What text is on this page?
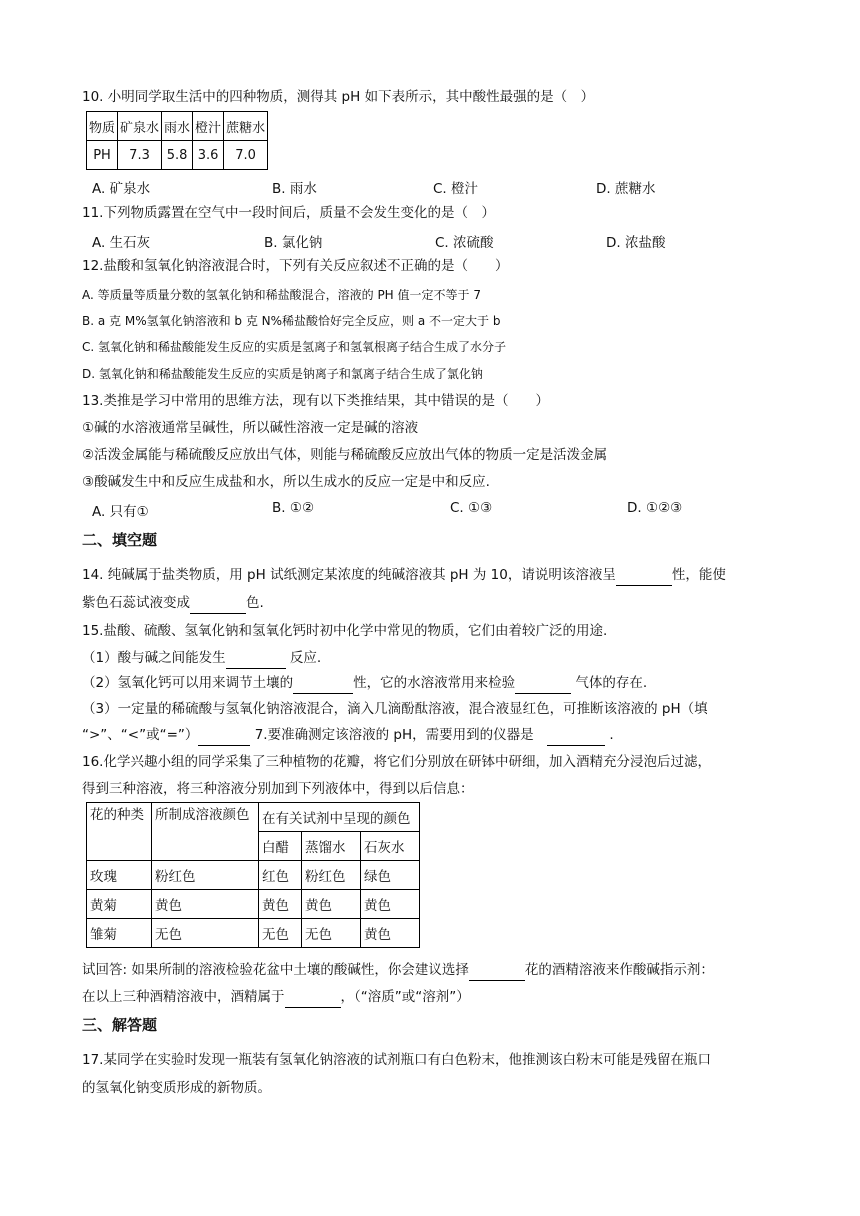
10. 小明同学取生活中的四种物质，测得其 pH 如下表所示，其中酸性最强的是（　）
物质	矿泉水	雨水	橙汁	蔗糖水
PH	7.3	5.8	3.6	7.0
A. 矿泉水	B. 雨水	C. 橙汁	D. 蔗糖水
11.下列物质露置在空气中一段时间后，质量不会发生变化的是（　）
A. 生石灰	B. 氯化钠	C. 浓硫酸	D. 浓盐酸
12.盐酸和氢氧化钠溶液混合时，下列有关反应叙述不正确的是（　　）
A. 等质量等质量分数的氢氧化钠和稀盐酸混合，溶液的 PH 值一定不等于 7
B. a 克 M%氢氧化钠溶液和 b 克 N%稀盐酸恰好完全反应，则 a 不一定大于 b
C. 氢氧化钠和稀盐酸能发生反应的实质是氢离子和氢氧根离子结合生成了水分子
D. 氢氧化钠和稀盐酸能发生反应的实质是钠离子和氯离子结合生成了氯化钠
13.类推是学习中常用的思维方法，现有以下类推结果，其中错误的是（　　）
①碱的水溶液通常呈碱性，所以碱性溶液一定是碱的溶液
②活泼金属能与稀硫酸反应放出气体，则能与稀硫酸反应放出气体的物质一定是活泼金属
③酸碱发生中和反应生成盐和水，所以生成水的反应一定是中和反应.
A. 只有①	B. ①②	C. ①③	D. ①②③
二、填空题
14. 纯碱属于盐类物质，用 pH 试纸测定某浓度的纯碱溶液其 pH 为 10，请说明该溶液呈	性，能使
紫色石蕊试液变成	色.
15.盐酸、硫酸、氢氧化钠和氢氧化钙时初中化学中常见的物质，它们由着较广泛的用途.
（1）酸与碱之间能发生	反应.
（2）氢氧化钙可以用来调节土壤的	性，它的水溶液常用来检验	气体的存在.
（3）一定量的稀硫酸与氢氧化钠溶液混合，滴入几滴酚酞溶液，混合液显红色，可推断该溶液的 pH（填
“>”、“<”或“=”）	7.要准确测定该溶液的 pH，需要用到的仪器是　	.
16.化学兴趣小组的同学采集了三种植物的花瓣，将它们分别放在研钵中研细，加入酒精充分浸泡后过滤，
得到三种溶液，将三种溶液分别加到下列液体中，得到以后信息：
花的种类	所制成溶液颜色	在有关试剂中呈现的颜色		
		白醋	蒸馏水	石灰水
玫瑰	粉红色	红色	粉红色	绿色
黄菊	黄色	黄色	黄色	黄色
雏菊	无色	无色	无色	黄色
试回答: 如果所制的溶液检验花盆中土壤的酸碱性，你会建议选择	花的酒精溶液来作酸碱指示剂：
在以上三种酒精溶液中，酒精属于	，（“溶质”或“溶剂”）
三、解答题
17.某同学在实验时发现一瓶装有氢氧化钠溶液的试剂瓶口有白色粉末，他推测该白粉末可能是残留在瓶口
的氢氧化钠变质形成的新物质。
